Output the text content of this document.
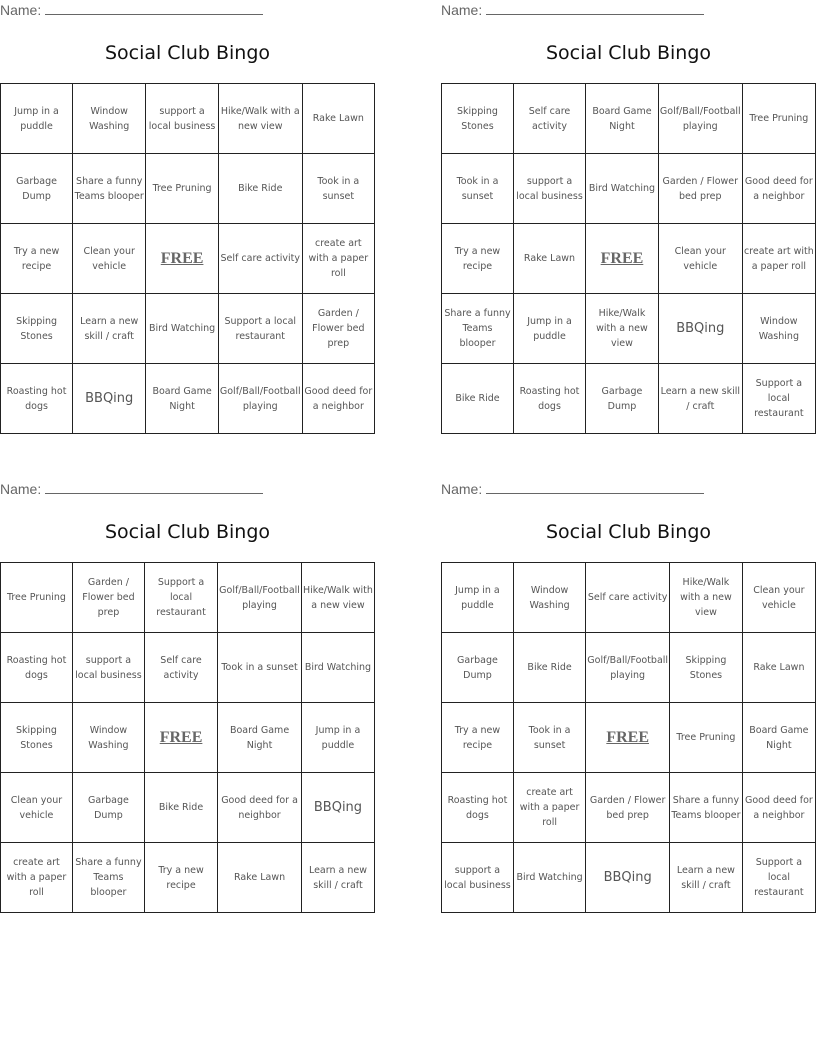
Name:
Social Club Bingo
Jump in a puddle	Window Washing	support a local business	Hike/Walk with a new view	Rake Lawn
Garbage Dump	Share a funny Teams blooper	Tree Pruning	Bike Ride	Took in a sunset
Try a new recipe	Clean your vehicle	FREE	Self care activity	create art with a paper roll
Skipping Stones	Learn a new skill / craft	Bird Watching	Support a local restaurant	Garden / Flower bed prep
Roasting hot dogs	BBQing	Board Game Night	Golf/Ball/Football playing	Good deed for a neighbor
Name:
Social Club Bingo
Skipping Stones	Self care activity	Board Game Night	Golf/Ball/Football playing	Tree Pruning
Took in a sunset	support a local business	Bird Watching	Garden / Flower bed prep	Good deed for a neighbor
Try a new recipe	Rake Lawn	FREE	Clean your vehicle	create art with a paper roll
Share a funny Teams blooper	Jump in a puddle	Hike/Walk with a new view	BBQing	Window Washing
Bike Ride	Roasting hot dogs	Garbage Dump	Learn a new skill / craft	Support a local restaurant
Name:
Social Club Bingo
Tree Pruning	Garden / Flower bed prep	Support a local restaurant	Golf/Ball/Football playing	Hike/Walk with a new view
Roasting hot dogs	support a local business	Self care activity	Took in a sunset	Bird Watching
Skipping Stones	Window Washing	FREE	Board Game Night	Jump in a puddle
Clean your vehicle	Garbage Dump	Bike Ride	Good deed for a neighbor	BBQing
create art with a paper roll	Share a funny Teams blooper	Try a new recipe	Rake Lawn	Learn a new skill / craft
Name:
Social Club Bingo
Jump in a puddle	Window Washing	Self care activity	Hike/Walk with a new view	Clean your vehicle
Garbage Dump	Bike Ride	Golf/Ball/Football playing	Skipping Stones	Rake Lawn
Try a new recipe	Took in a sunset	FREE	Tree Pruning	Board Game Night
Roasting hot dogs	create art with a paper roll	Garden / Flower bed prep	Share a funny Teams blooper	Good deed for a neighbor
support a local business	Bird Watching	BBQing	Learn a new skill / craft	Support a local restaurant
